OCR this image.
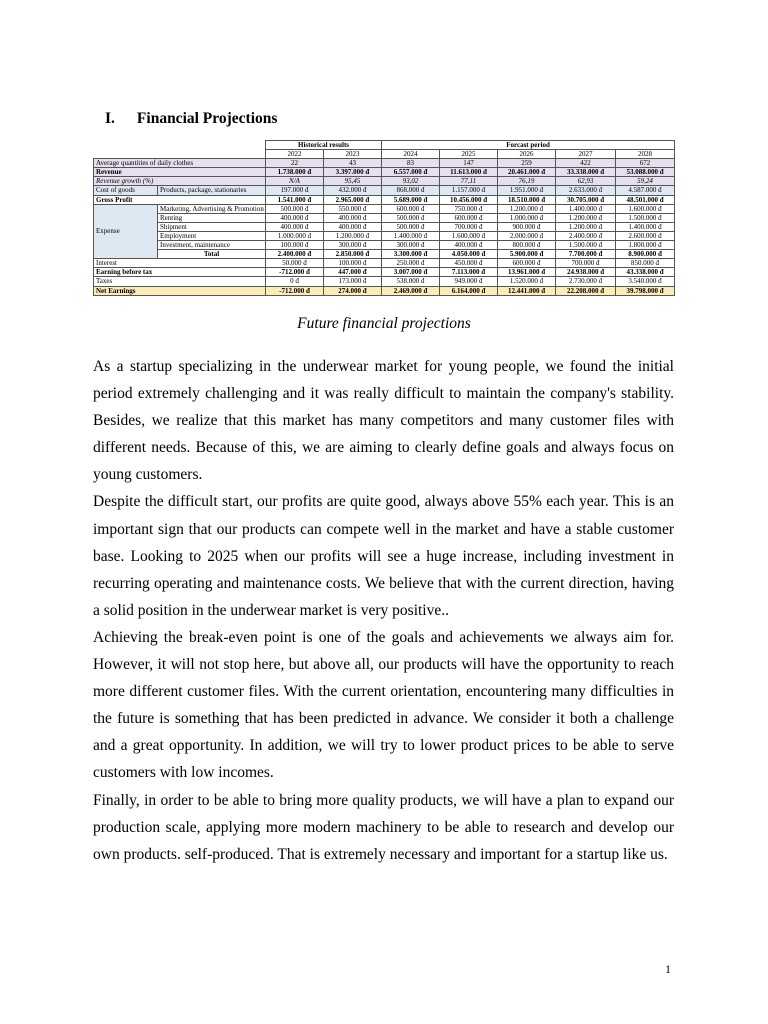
I. Financial Projections
		Historical results		Forcast period				
		2022	2023	2024	2025	2026	2027	2028
Average quantities of daily clothes		22	43	83	147	259	422	672
Revenue		1.738.000 đ	3.397.000 đ	6.557.000 đ	11.613.000 đ	20.461.000 đ	33.338.000 đ	53.088.000 đ
Revenue growth (%)		N/A	95,45	93,02	77,11	76,19	62,93	59,24
Cost of goods	Products, package, stationaries	197.000 đ	432.000 đ	868.000 đ	1.157.000 đ	1.951.000 đ	2.633.000 đ	4.587.000 đ
Gross Profit		1.541.000 đ	2.965.000 đ	5.689.000 đ	10.456.000 đ	18.510.000 đ	30.705.000 đ	48.501.000 đ
Expense	Marketing, Advertising & Promotion	500.000 đ	550.000 đ	600.000 đ	750.000 đ	1.200.000 đ	1.400.000 đ	1.600.000 đ
	Renting	400.000 đ	400.000 đ	500.000 đ	600.000 đ	1.000.000 đ	1.200.000 đ	1.500.000 đ
	Shipment	400.000 đ	400.000 đ	500.000 đ	700.000 đ	900.000 đ	1.200.000 đ	1.400.000 đ
	Employment	1.000.000 đ	1.200.000 đ	1.400.000 đ	1.600.000 đ	2.000.000 đ	2.400.000 đ	2.600.000 đ
	Investment, maintenance	100.000 đ	300.000 đ	300.000 đ	400.000 đ	800.000 đ	1.500.000 đ	1.800.000 đ
	Total	2.400.000 đ	2.850.000 đ	3.300.000 đ	4.050.000 đ	5.900.000 đ	7.700.000 đ	8.900.000 đ
Interest		50.000 đ	100.000 đ	250.000 đ	450.000 đ	600.000 đ	700.000 đ	850.000 đ
Earning before tax		-712.000 đ	447.000 đ	3.007.000 đ	7.113.000 đ	13.961.000 đ	24.938.000 đ	43.338.000 đ
Taxes		0 đ	173.000 đ	538.000 đ	949.000 đ	1.520.000 đ	2.730.000 đ	3.540.000 đ
Net Earnings		-712.000 đ	274.000 đ	2.469.000 đ	6.164.000 đ	12.441.000 đ	22.208.000 đ	39.798.000 đ
Future financial projections

As a startup specializing in the underwear market for young people, we found the initial period extremely challenging and it was really difficult to maintain the company's stability. Besides, we realize that this market has many competitors and many customer files with different needs. Because of this, we are aiming to clearly define goals and always focus on young customers.

Despite the difficult start, our profits are quite good, always above 55% each year. This is an important sign that our products can compete well in the market and have a stable customer base. Looking to 2025 when our profits will see a huge increase, including investment in recurring operating and maintenance costs. We believe that with the current direction, having a solid position in the underwear market is very positive..

Achieving the break-even point is one of the goals and achievements we always aim for. However, it will not stop here, but above all, our products will have the opportunity to reach more different customer files. With the current orientation, encountering many difficulties in the future is something that has been predicted in advance. We consider it both a challenge and a great opportunity. In addition, we will try to lower product prices to be able to serve customers with low incomes.

Finally, in order to be able to bring more quality products, we will have a plan to expand our production scale, applying more modern machinery to be able to research and develop our own products. self-produced. That is extremely necessary and important for a startup like us.

1
